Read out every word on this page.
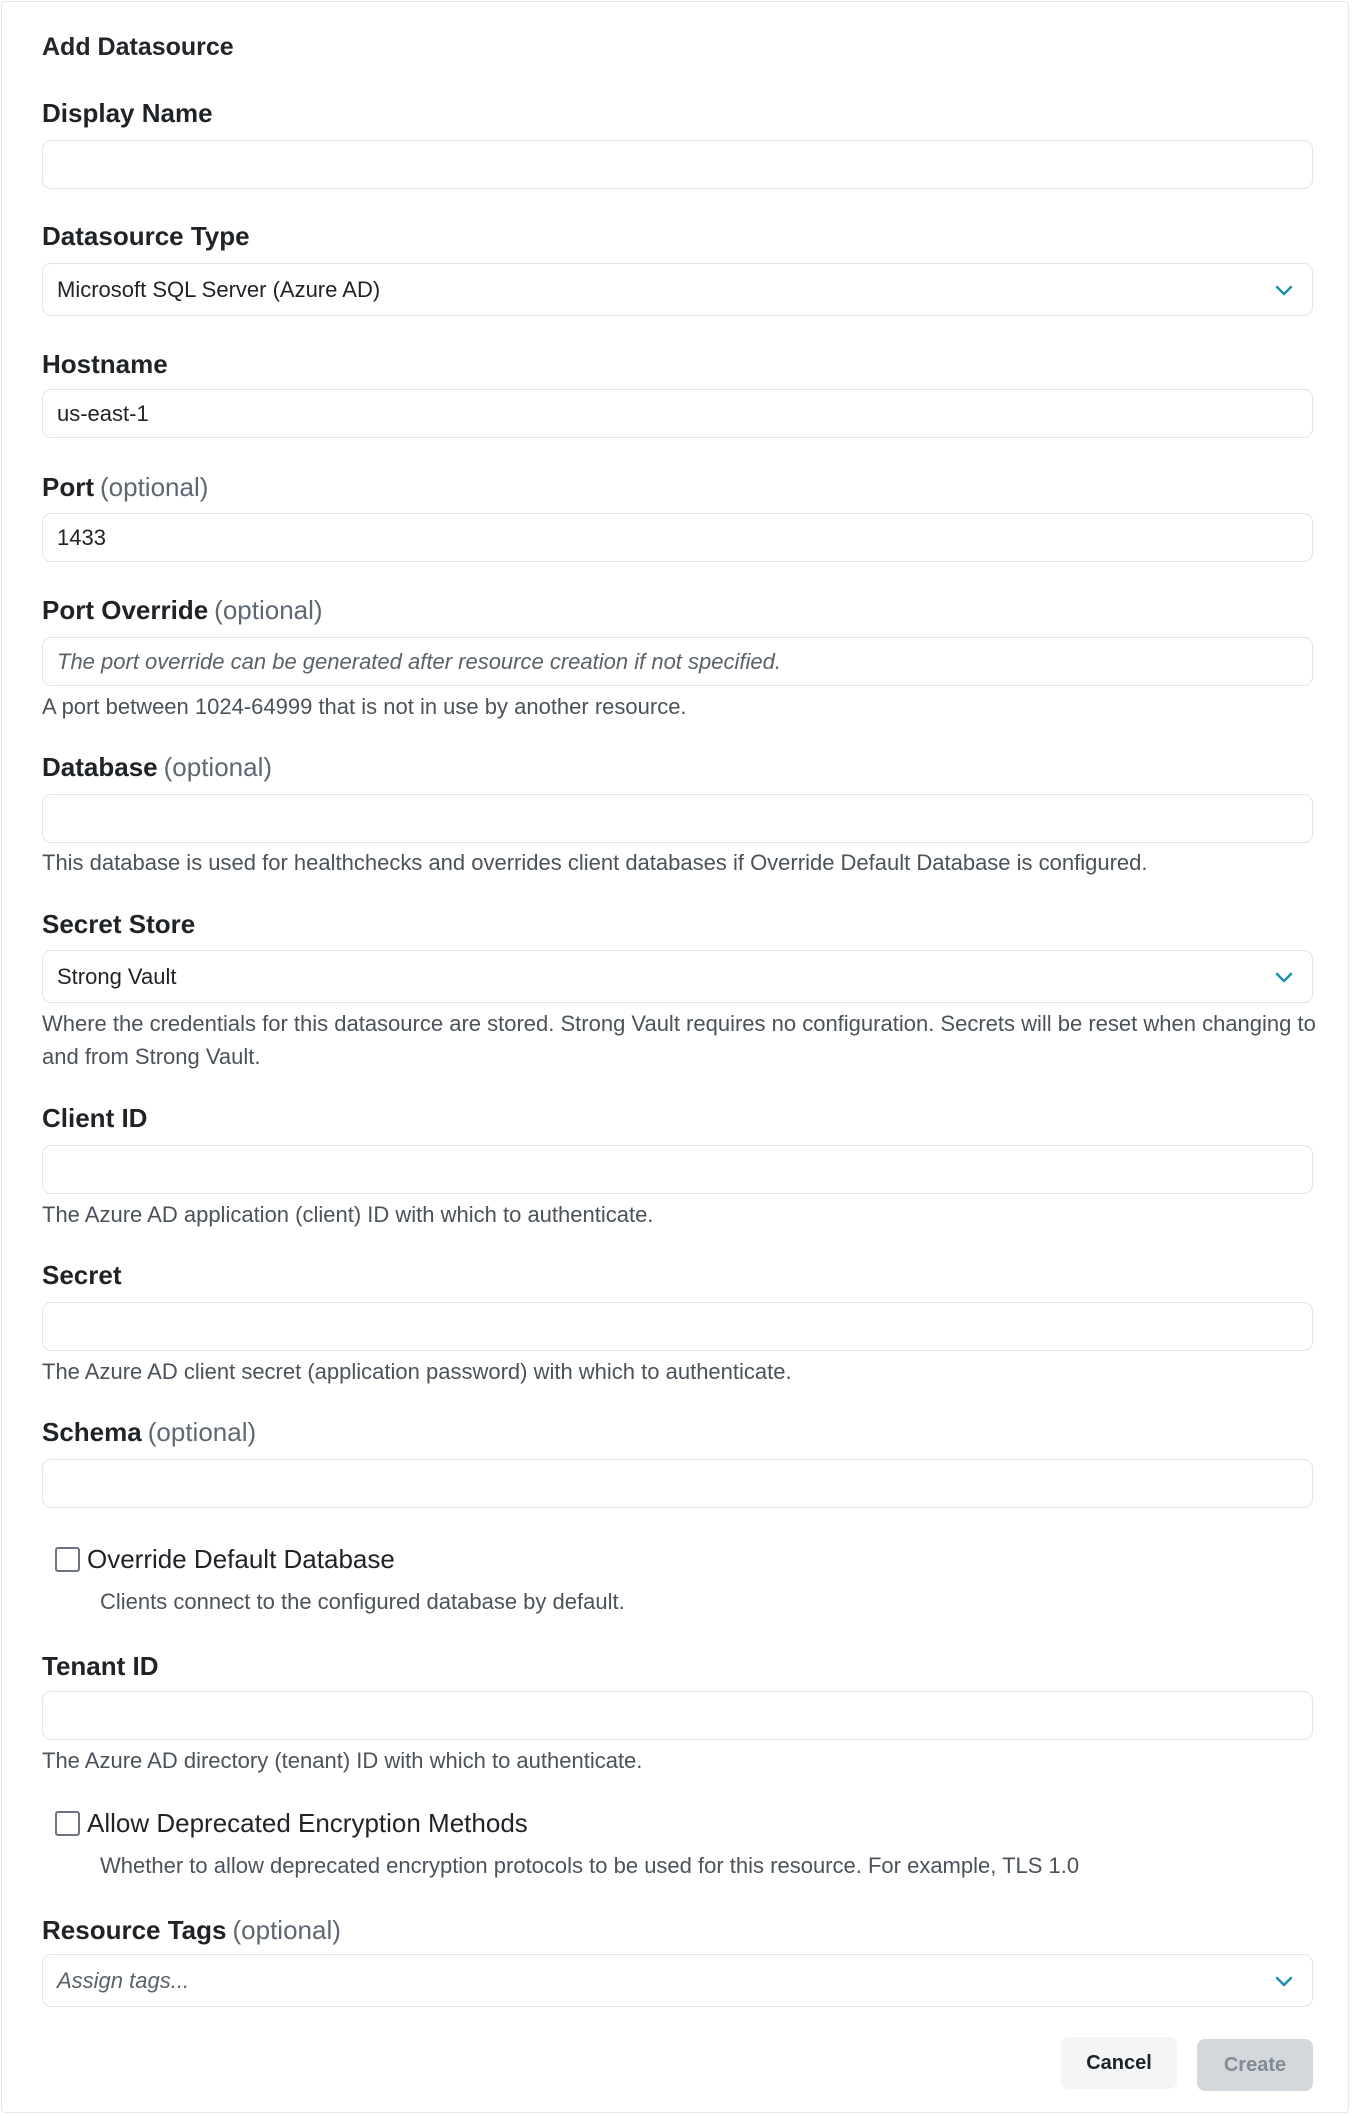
Add Datasource
Display Name
Datasource Type
Microsoft SQL Server (Azure AD)
Hostname
us-east-1
Port (optional)
1433
Port Override (optional)
The port override can be generated after resource creation if not specified.
A port between 1024-64999 that is not in use by another resource.
Database (optional)
This database is used for healthchecks and overrides client databases if Override Default Database is configured.
Secret Store
Strong Vault
Where the credentials for this datasource are stored. Strong Vault requires no configuration. Secrets will be reset when changing to and from Strong Vault.
Client ID
The Azure AD application (client) ID with which to authenticate.
Secret
The Azure AD client secret (application password) with which to authenticate.
Schema (optional)
Override Default Database
Clients connect to the configured database by default.
Tenant ID
The Azure AD directory (tenant) ID with which to authenticate.
Allow Deprecated Encryption Methods
Whether to allow deprecated encryption protocols to be used for this resource. For example, TLS 1.0
Resource Tags (optional)
Assign tags...
Cancel	Create
